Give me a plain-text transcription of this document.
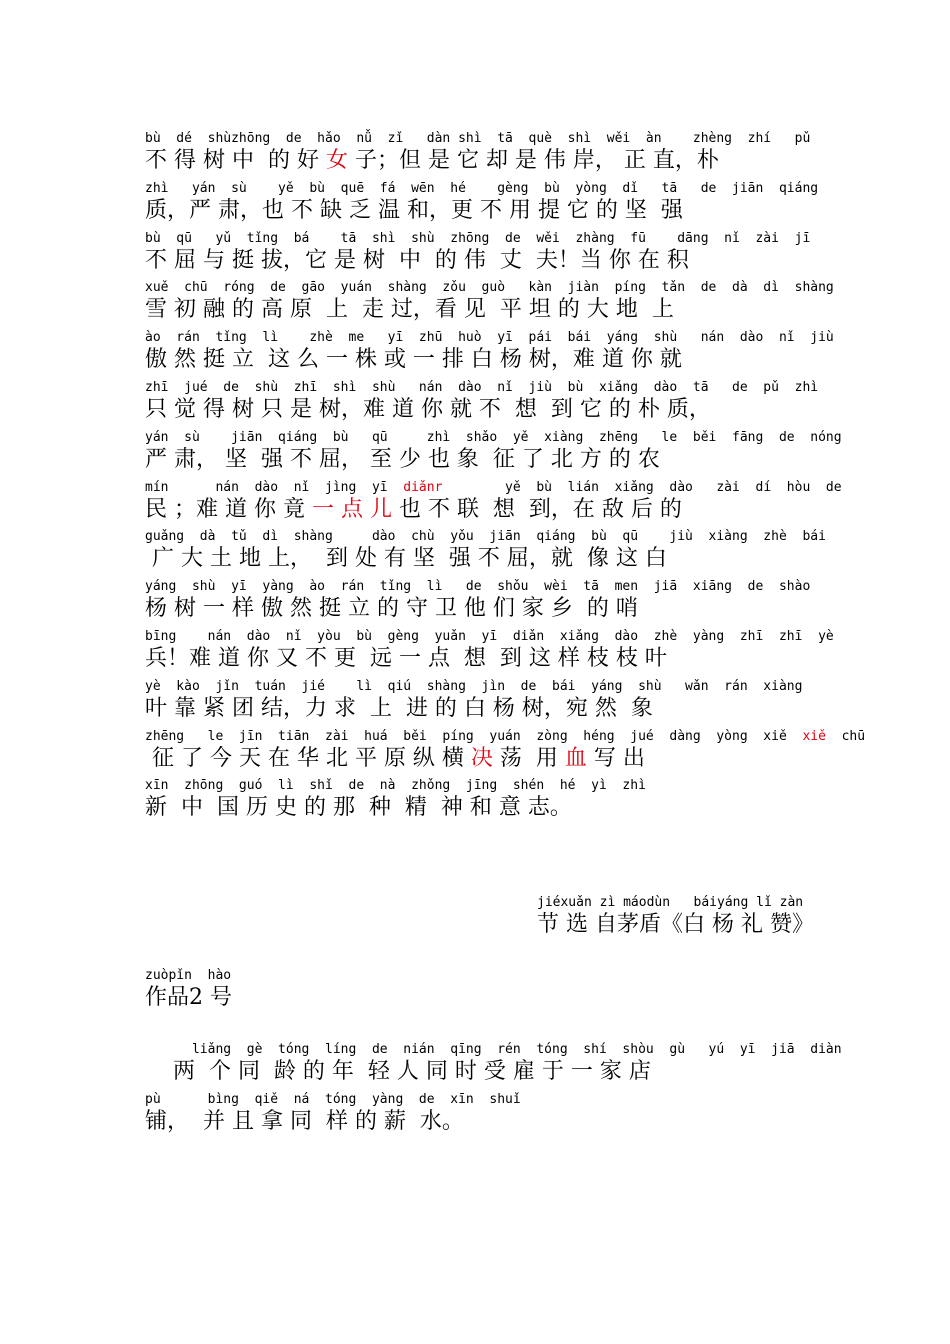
bù  dé  shùzhōng  de  hǎo  nǚ  zǐ   dàn shì  tā  què  shì  wěi  àn    zhèng  zhí   pǔ
不 得 树 中  的 好 女 子；但 是 它 却 是 伟 岸， 正 直，朴
zhì   yán  sù    yě  bù  quē  fá  wēn  hé    gèng  bù  yòng  dǐ   tā   de  jiān  qiáng
质，严 肃，也 不 缺 乏 温 和，更 不 用 提 它 的 坚  强
bù  qū   yǔ  tǐng  bá    tā  shì  shù  zhōng  de  wěi  zhàng  fū    dāng  nǐ  zài  jī
不 屈 与 挺 拔，它 是 树  中  的 伟  丈  夫！当 你 在 积
xuě  chū  róng  de  gāo  yuán  shàng  zǒu  guò   kàn  jiàn  píng  tǎn  de  dà  dì  shàng
雪 初 融 的 高 原  上  走 过，看 见  平 坦 的 大 地  上
ào  rán  tǐng  lì    zhè  me   yī  zhū  huò  yī  pái  bái  yáng  shù   nán  dào  nǐ  jiù
傲 然 挺 立  这 么 一 株 或 一 排 白 杨 树，难 道 你 就
zhī  jué  de  shù  zhī  shì  shù   nán  dào  nǐ  jiù  bù  xiǎng  dào  tā   de  pǔ  zhì
只 觉 得 树 只 是 树，难 道 你 就 不  想  到 它 的 朴 质，
yán  sù    jiān  qiáng  bù   qū     zhì  shǎo  yě  xiàng  zhēng   le  běi  fāng  de  nóng
严 肃， 坚  强 不 屈， 至 少 也 象  征 了 北 方 的 农
mín      nán  dào  nǐ  jìng  yī  diǎnr        yě  bù  lián  xiǎng  dào   zài  dí  hòu  de
民 ；难 道 你 竟 一 点 儿 也 不 联  想  到，在 敌 后 的
guǎng  dà  tǔ  dì  shàng     dào  chù  yǒu  jiān  qiáng  bù  qū    jiù  xiàng  zhè  bái
广 大 土 地 上，  到 处 有 坚  强 不 屈，就  像 这 白
yáng  shù  yī  yàng  ào  rán  tǐng  lì   de  shǒu  wèi  tā  men  jiā  xiāng  de  shào
杨 树 一 样 傲 然 挺 立 的 守 卫 他 们 家 乡  的 哨
bīng    nán  dào  nǐ  yòu  bù  gèng  yuǎn  yī  diǎn  xiǎng  dào  zhè  yàng  zhī  zhī  yè
兵！难 道 你 又 不 更  远 一 点  想  到 这 样 枝 枝 叶
yè  kào  jǐn  tuán  jié    lì  qiú  shàng  jìn  de  bái  yáng  shù   wǎn  rán  xiàng
叶 靠 紧 团 结，力 求  上  进 的 白 杨 树，宛 然  象
zhēng   le  jīn  tiān  zài  huá  běi  píng  yuán  zòng  héng  jué  dàng  yòng  xiě  xiě  chū
征 了 今 天 在 华 北 平 原 纵 横 决 荡  用 血 写 出
xīn  zhōng  guó  lì  shǐ  de  nà  zhǒng  jīng  shén  hé  yì  zhì
新  中  国 历 史 的 那  种  精  神 和 意 志。
jiéxuǎn zì máodùn   báiyáng lǐ zàn
节 选 自茅盾《白 杨 礼 赞》
zuòpǐn  hào
作品2 号
liǎng  gè  tóng  líng  de  nián  qīng  rén  tóng  shí  shòu  gù   yú  yī  jiā  diàn
两  个 同  龄 的 年  轻 人 同 时 受 雇 于 一 家 店
pù      bìng  qiě  ná  tóng  yàng  de  xīn  shuǐ
铺，  并 且 拿 同  样 的 薪  水。
